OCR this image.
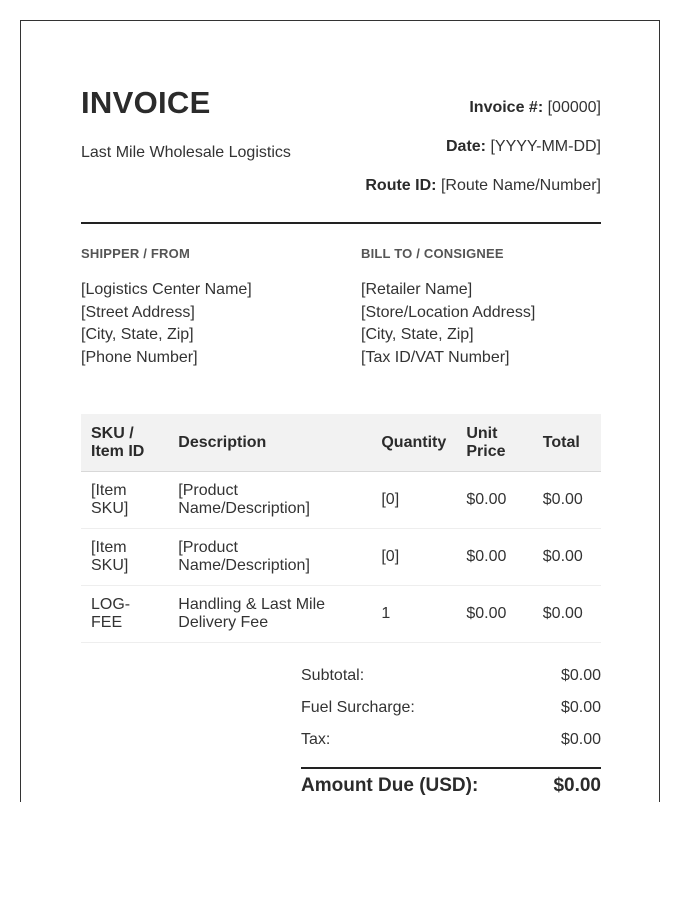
INVOICE
Last Mile Wholesale Logistics
Invoice #: [00000]
Date: [YYYY-MM-DD]
Route ID: [Route Name/Number]
SHIPPER / FROM
[Logistics Center Name]
[Street Address]
[City, State, Zip]
[Phone Number]
BILL TO / CONSIGNEE
[Retailer Name]
[Store/Location Address]
[City, State, Zip]
[Tax ID/VAT Number]
SKU / Item ID	Description	Quantity	Unit Price	Total
[Item SKU]	[Product Name/Description]	[0]	$0.00	$0.00
[Item SKU]	[Product Name/Description]	[0]	$0.00	$0.00
LOG-FEE	Handling & Last Mile Delivery Fee	1	$0.00	$0.00
Subtotal:	$0.00
Fuel Surcharge:	$0.00
Tax:	$0.00
Amount Due (USD):	$0.00
